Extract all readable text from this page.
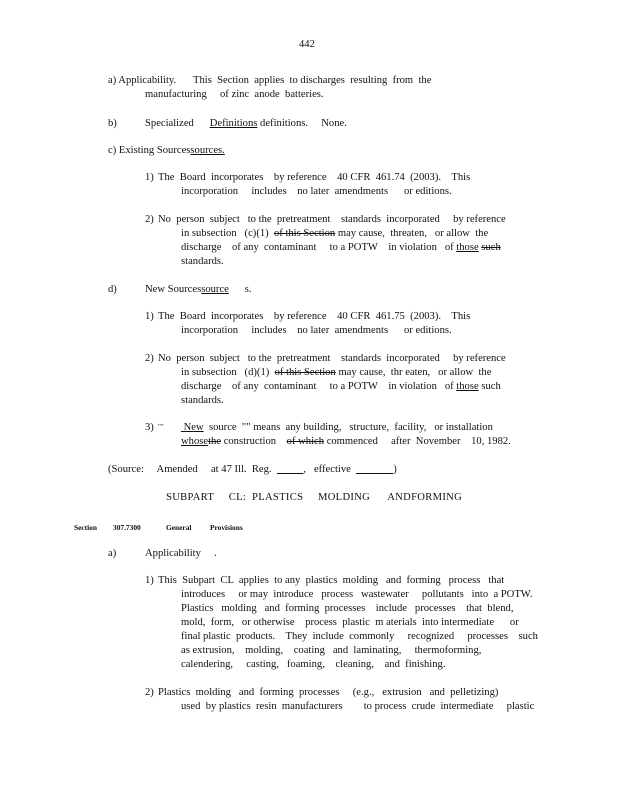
442
a) Applicability. This  Section  applies  to discharges  resulting  from  the
manufacturing     of zinc  anode  batteries.
b)	Specialized Definitions definitions.     None.
c) Existing Sourcessources.
1) The  Board  incorporates    by reference    40 CFR  461.74  (2003).    This
incorporation     includes    no later  amendments      or editions.
2) No  person  subject   to the  pretreatment    standards  incorporated     by reference
in subsection   (c)(1) of this Section may cause,  threaten,   or allow  the
discharge    of any  contaminant     to a POTW    in violation   of those such
standards.
d)	New Sourcessource s.
1) The  Board  incorporates    by reference    40 CFR  461.75  (2003).    This
incorporation     includes    no later  amendments      or editions.
2) No  person  subject   to the  pretreatment    standards  incorporated     by reference
in subsection   (d)(1) of this Section may cause,  thr eaten,   or allow  the
discharge    of any  contaminant     to a POTW    in violation   of those such
standards.
3) "" New source  "" means  any building,   structure,  facility,   or installation
whosethe construction of which commenced     after  November    10, 1982.
(Source:     Amended     at 47 Ill.  Reg.	,   effective	)
SUBPART     CL:  PLASTICS     MOLDING      ANDFORMING
Section 307.7300	General	Provisions
a)	Applicability     .
1) This  Subpart  CL  applies  to any  plastics  molding   and  forming   process   that
introduces     or may  introduce   process   wastewater     pollutants   into  a POTW.
Plastics   molding   and  forming  processes    include   processes    that  blend,
mold,  form,   or otherwise    process  plastic  m aterials  into intermediate      or
final plastic  products.    They  include  commonly     recognized     processes    such
as extrusion,    molding,    coating   and  laminating,     thermoforming,
calendering,     casting,   foaming,    cleaning,    and  finishing.
2) Plastics  molding   and  forming  processes     (e.g.,   extrusion   and  pelletizing)
used  by plastics  resin  manufacturers        to process  crude  intermediate     plastic
